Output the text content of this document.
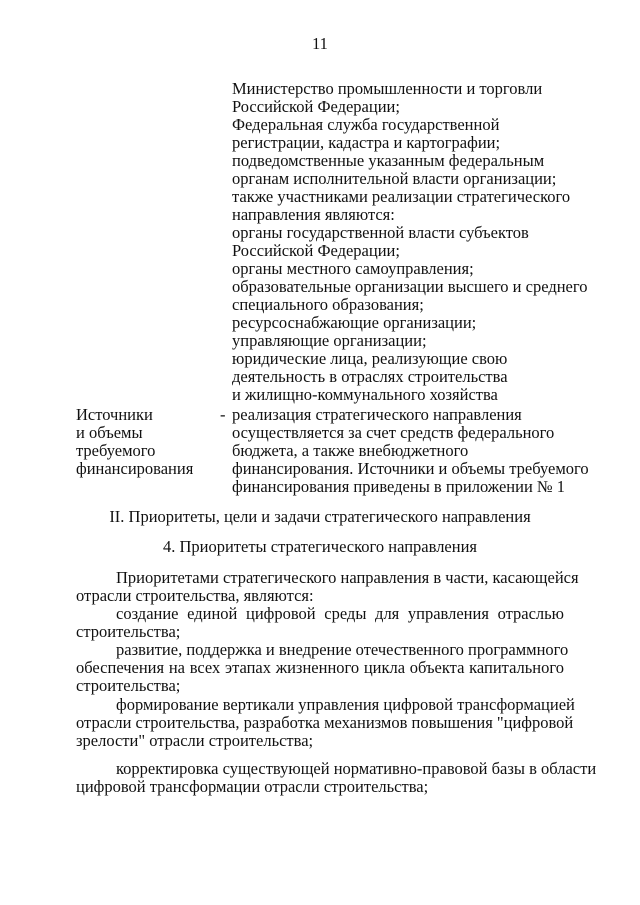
11
Министерство промышленности и торговли
Российской Федерации;
Федеральная служба государственной
регистрации, кадастра и картографии;
подведомственные указанным федеральным
органам исполнительной власти организации;
также участниками реализации стратегического
направления являются:
органы государственной власти субъектов
Российской Федерации;
органы местного самоуправления;
образовательные организации высшего и среднего
специального образования;
ресурсоснабжающие организации;
управляющие организации;
юридические лица, реализующие свою
деятельность в отраслях строительства
и жилищно-коммунального хозяйства
Источники
и объемы
требуемого
финансирования
- реализация стратегического направления
осуществляется за счет средств федерального
бюджета, а также внебюджетного
финансирования. Источники и объемы требуемого
финансирования приведены в приложении № 1
II. Приоритеты, цели и задачи стратегического направления
4. Приоритеты стратегического направления
Приоритетами стратегического направления в части, касающейся
отрасли строительства, являются:
создание единой цифровой среды для управления отраслью
строительства;
развитие, поддержка и внедрение отечественного программного
обеспечения на всех этапах жизненного цикла объекта капитального
строительства;
формирование вертикали управления цифровой трансформацией
отрасли строительства, разработка механизмов повышения "цифровой
зрелости" отрасли строительства;
корректировка существующей нормативно-правовой базы в области
цифровой трансформации отрасли строительства;
